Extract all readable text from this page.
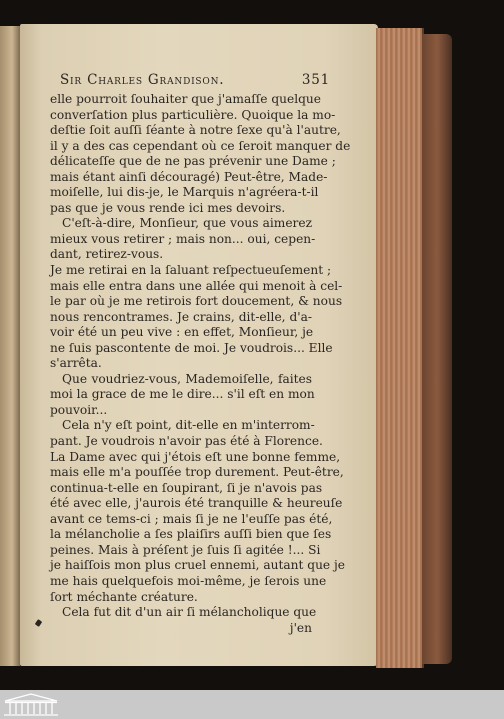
Sir Charles Grandison.	351
elle pourroit ſouhaiter que j'amaſſe quelque
converſation plus particulière. Quoique la mo-
deſtie ſoit auſſi ſéante à notre ſexe qu'à l'autre,
il y a des cas cependant où ce ſeroit manquer de
délicateſſe que de ne pas prévenir une Dame ;
mais étant ainſi découragé) Peut-être, Made-
moiſelle, lui dis-je, le Marquis n'agréera-t-il
pas que je vous rende ici mes devoirs.
C'eſt-à-dire, Monſieur, que vous aimerez
mieux vous retirer ; mais non... oui, cepen-
dant, retirez-vous.
Je me retirai en la ſaluant reſpectueuſement ;
mais elle entra dans une allée qui menoit à cel-
le par où je me retirois fort doucement, & nous
nous rencontrames. Je crains, dit-elle, d'a-
voir été un peu vive : en effet, Monſieur, je
ne ſuis pascontente de moi. Je voudrois... Elle
s'arrêta.
Que voudriez-vous, Mademoiſelle, faites
moi la grace de me le dire... s'il eſt en mon
pouvoir...
Cela n'y eſt point, dit-elle en m'interrom-
pant. Je voudrois n'avoir pas été à Florence.
La Dame avec qui j'étois eſt une bonne femme,
mais elle m'a pouſſée trop durement. Peut-être,
continua-t-elle en ſoupirant, ſi je n'avois pas
été avec elle, j'aurois été tranquille & heureuſe
avant ce tems-ci ; mais ſi je ne l'euſſe pas été,
la mélancholie a ſes plaiſirs auſſi bien que ſes
peines. Mais à préſent je ſuis ſi agitée !... Si
je haiſſois mon plus cruel ennemi, autant que je
me hais quelquefois moi-même, je ſerois une
ſort méchante créature.
Cela fut dit d'un air ſi mélancholique que
j'en
